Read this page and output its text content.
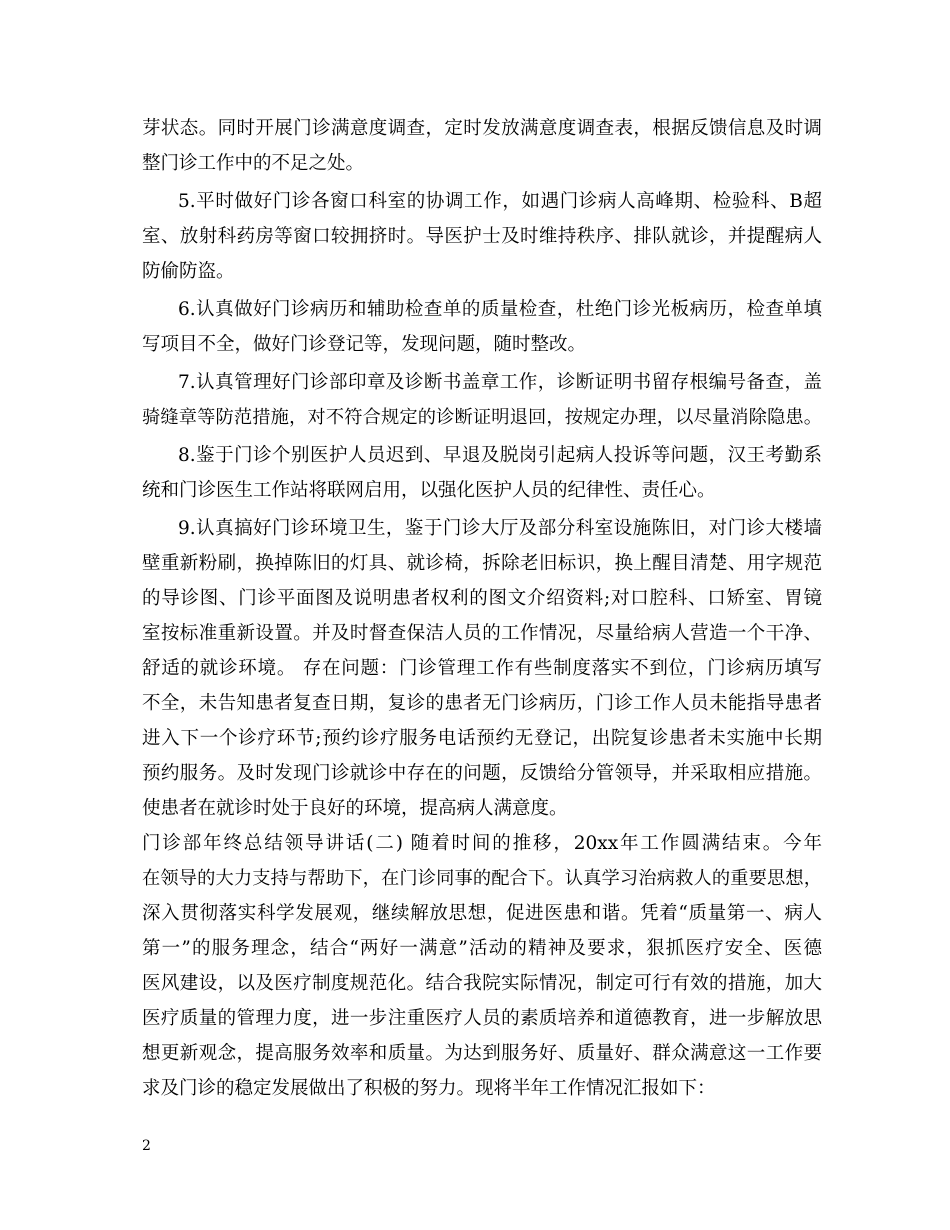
芽状态。同时开展门诊满意度调查，定时发放满意度调查表，根据反馈信息及时调
整门诊工作中的不足之处。
5.平时做好门诊各窗口科室的协调工作，如遇门诊病人高峰期、检验科、B超
室、放射科药房等窗口较拥挤时。导医护士及时维持秩序、排队就诊，并提醒病人
防偷防盗。
6.认真做好门诊病历和辅助检查单的质量检查，杜绝门诊光板病历，检查单填
写项目不全，做好门诊登记等，发现问题，随时整改。
7.认真管理好门诊部印章及诊断书盖章工作，诊断证明书留存根编号备查，盖
骑缝章等防范措施，对不符合规定的诊断证明退回，按规定办理，以尽量消除隐患。
8.鉴于门诊个别医护人员迟到、早退及脱岗引起病人投诉等问题，汉王考勤系
统和门诊医生工作站将联网启用，以强化医护人员的纪律性、责任心。
9.认真搞好门诊环境卫生，鉴于门诊大厅及部分科室设施陈旧，对门诊大楼墙
壁重新粉刷，换掉陈旧的灯具、就诊椅，拆除老旧标识，换上醒目清楚、用字规范
的导诊图、门诊平面图及说明患者权利的图文介绍资料;对口腔科、口矫室、胃镜
室按标准重新设置。并及时督查保洁人员的工作情况，尽量给病人营造一个干净、
舒适的就诊环境。 存在问题：门诊管理工作有些制度落实不到位，门诊病历填写
不全，未告知患者复查日期，复诊的患者无门诊病历，门诊工作人员未能指导患者
进入下一个诊疗环节;预约诊疗服务电话预约无登记，出院复诊患者未实施中长期
预约服务。及时发现门诊就诊中存在的问题，反馈给分管领导，并采取相应措施。
使患者在就诊时处于良好的环境，提高病人满意度。
门诊部年终总结领导讲话(二) 随着时间的推移，20xx年工作圆满结束。今年
在领导的大力支持与帮助下，在门诊同事的配合下。认真学习治病救人的重要思想，
深入贯彻落实科学发展观，继续解放思想，促进医患和谐。凭着“质量第一、病人
第一”的服务理念，结合“两好一满意”活动的精神及要求，狠抓医疗安全、医德
医风建设，以及医疗制度规范化。结合我院实际情况，制定可行有效的措施，加大
医疗质量的管理力度，进一步注重医疗人员的素质培养和道德教育，进一步解放思
想更新观念，提高服务效率和质量。为达到服务好、质量好、群众满意这一工作要
求及门诊的稳定发展做出了积极的努力。现将半年工作情况汇报如下：
2
